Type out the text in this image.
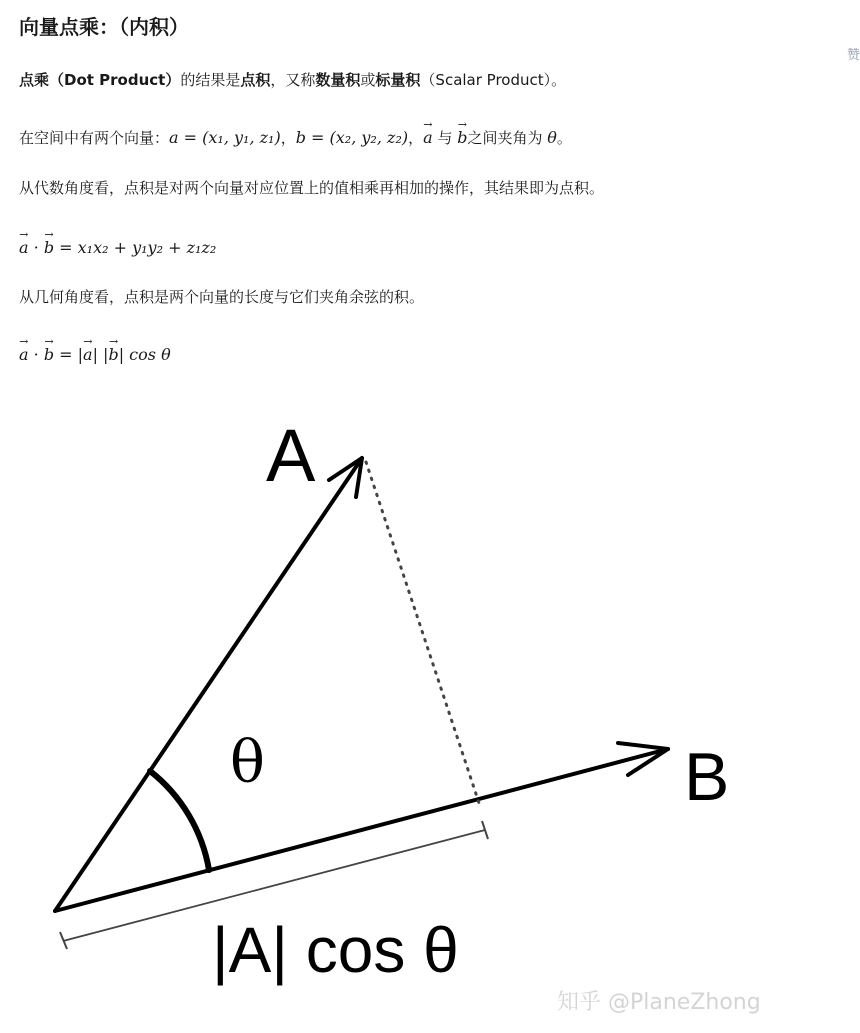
向量点乘：（内积）
赞

点乘（Dot Product）的结果是点积，又称数量积或标量积（Scalar Product）。

在空间中有两个向量：a = (x₁, y₁, z₁)，b = (x₂, y₂, z₂)，→ a 与 → b之间夹角为 θ。

从代数角度看，点积是对两个向量对应位置上的值相乘再相加的操作，其结果即为点积。

→ a · → b = x₁x₂ + y₁y₂ + z₁z₂

从几何角度看，点积是两个向量的长度与它们夹角余弦的积。

→ a · → b = |→ a| |→ b| cos θ

A
B
θ
|A| cos θ
知乎 @PlaneZhong
